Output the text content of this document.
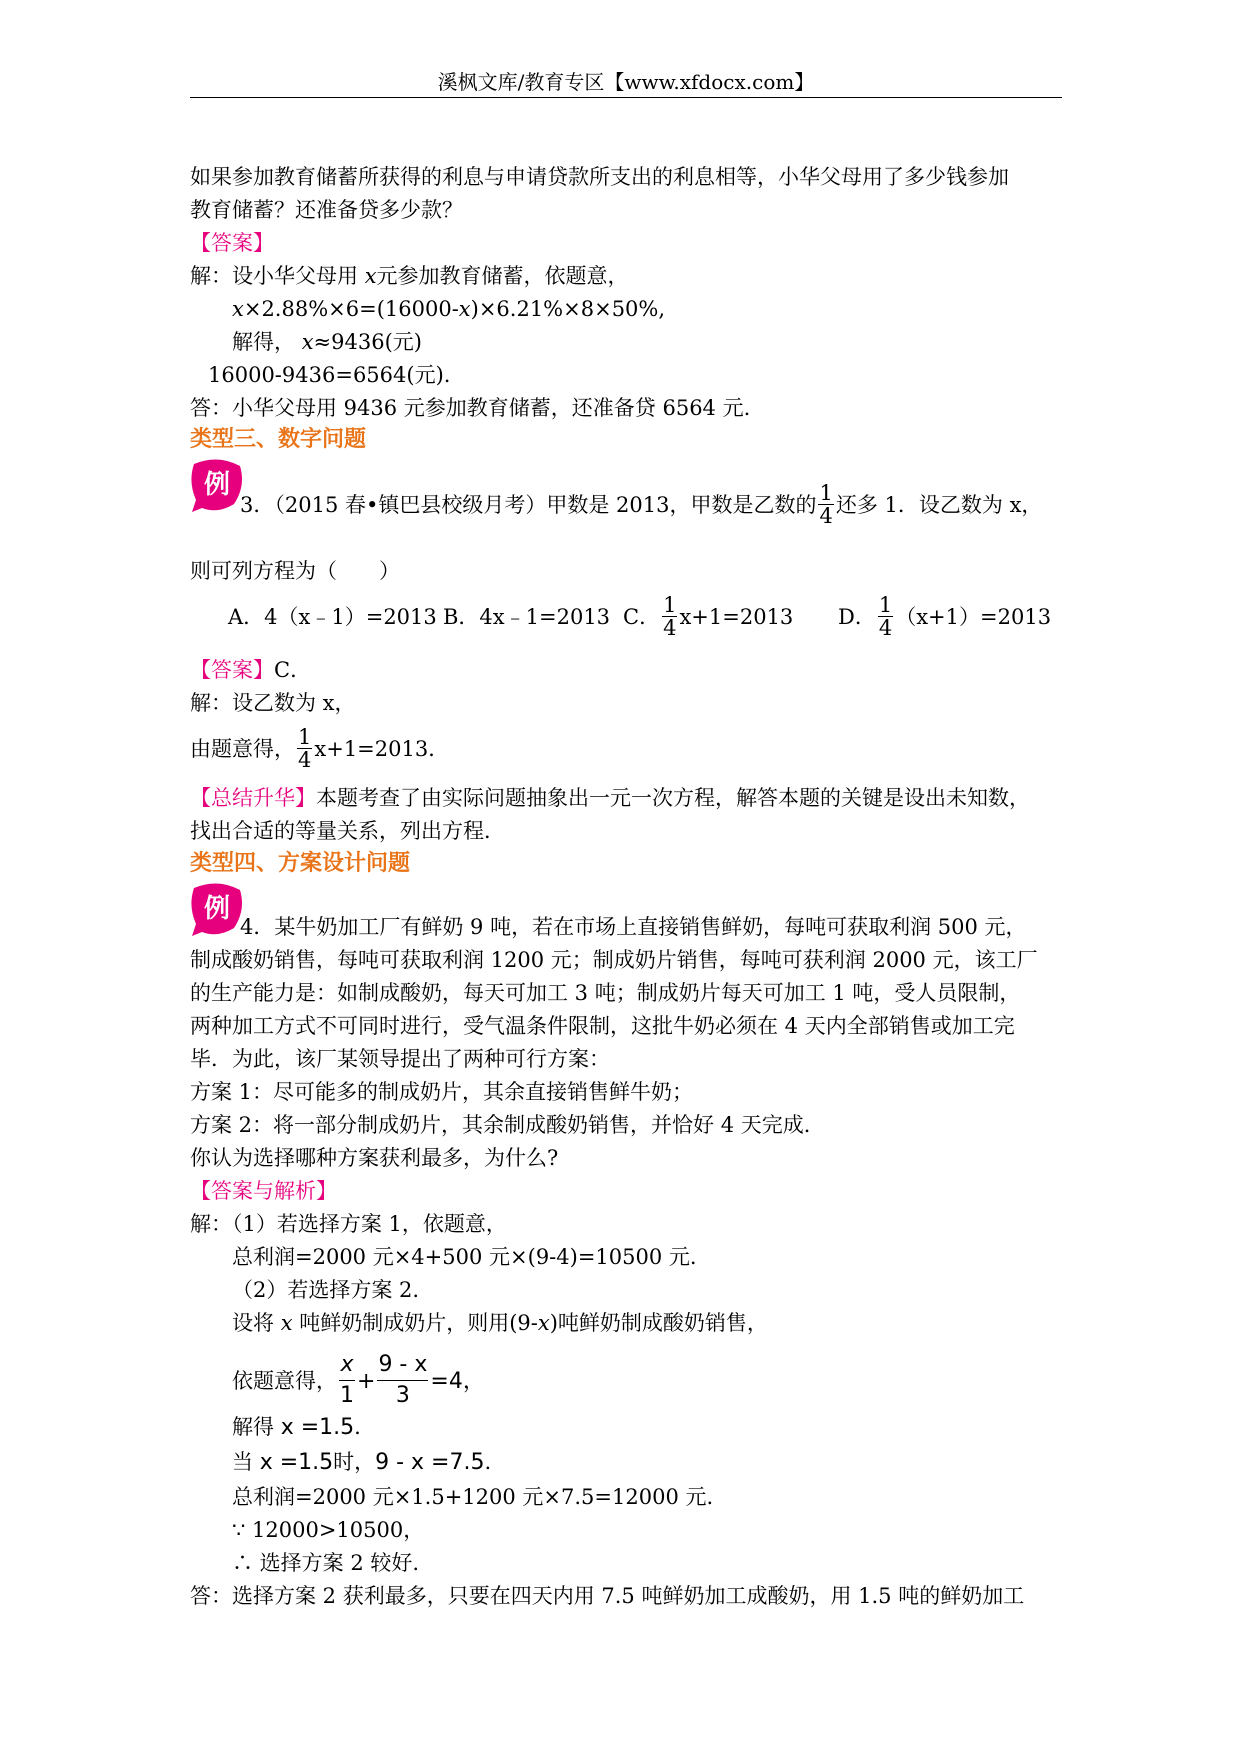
溪枫文库/教育专区【www.xfdocx.com】
如果参加教育储蓄所获得的利息与申请贷款所支出的利息相等，小华父母用了多少钱参加
教育储蓄？还准备贷多少款？
【答案】
解：设小华父母用 x元参加教育储蓄，依题意，
x×2.88%×6=(16000-x)×6.21%×8×50%,
解得， x≈9436(元)
16000-9436=6564(元).
答：小华父母用 9436 元参加教育储蓄，还准备贷 6564 元.
类型三、数字问题
例
3．（2015 春•镇巴县校级月考）甲数是 2013，甲数是乙数的 $\frac{1}{4}$ 还多 1．设乙数为 x，
则可列方程为（　　）
A．4（x﹣1）=2013 B．4x﹣1=2013 C． $\frac{1}{4} x+1=2013$ D． $\frac{1}{4} (x+1)=2013$
【答案】C．
解：设乙数为 x，
由题意得， $\frac{1}{4} x+1=2013$．
【总结升华】本题考查了由实际问题抽象出一元一次方程，解答本题的关键是设出未知数，
找出合适的等量关系，列出方程．
类型四、方案设计问题
例
4．某牛奶加工厂有鲜奶 9 吨，若在市场上直接销售鲜奶，每吨可获取利润 500 元，
制成酸奶销售，每吨可获取利润 1200 元；制成奶片销售，每吨可获利润 2000 元，该工厂
的生产能力是：如制成酸奶，每天可加工 3 吨；制成奶片每天可加工 1 吨，受人员限制，
两种加工方式不可同时进行，受气温条件限制，这批牛奶必须在 4 天内全部销售或加工完
毕．为此，该厂某领导提出了两种可行方案：
方案 1：尽可能多的制成奶片，其余直接销售鲜牛奶；
方案 2：将一部分制成奶片，其余制成酸奶销售，并恰好 4 天完成．
你认为选择哪种方案获利最多，为什么?
【答案与解析】
解：（1）若选择方案 1，依题意，
总利润=2000 元×4+500 元×(9-4)=10500 元.
（2）若选择方案 2.
设将 x 吨鲜奶制成奶片，则用(9-x)吨鲜奶制成酸奶销售，
依题意得， $\frac{x}{1} + \frac{9 - x}{3} =4$，
解得 x =1.5.
当 x =1.5时，9 - x =7.5.
总利润=2000 元×1.5+1200 元×7.5=12000 元.
∵ 12000>10500，
∴ 选择方案 2 较好.
答：选择方案 2 获利最多，只要在四天内用 7.5 吨鲜奶加工成酸奶，用 1.5 吨的鲜奶加工
